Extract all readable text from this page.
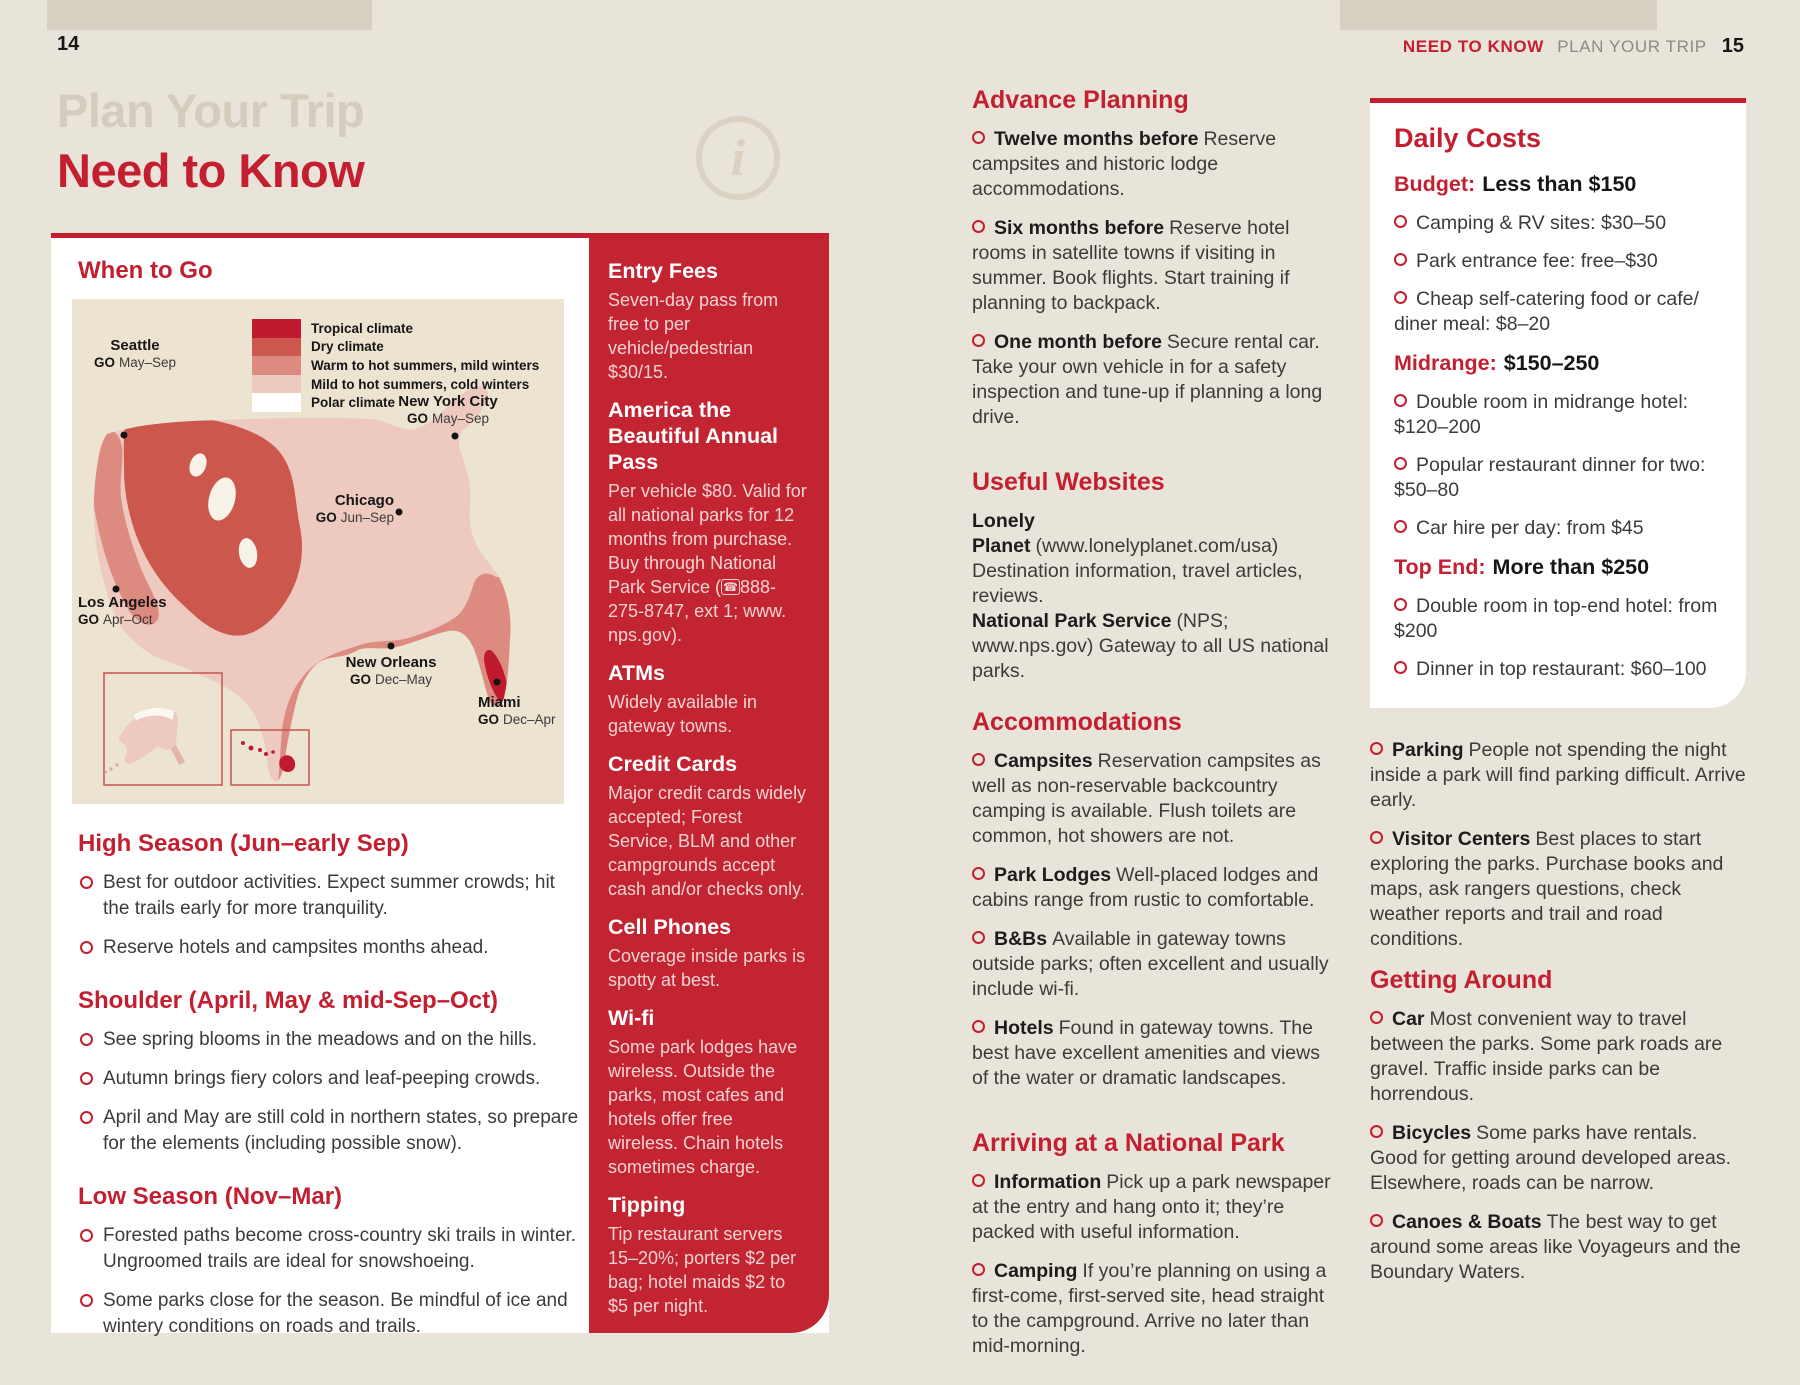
14	NEED TO KNOW PLAN YOUR TRIP 15
Plan Your Trip
Need to Know	i
When to Go
Tropical climate
Dry climate
Warm to hot summers, mild winters
Mild to hot summers, cold winters
Polar climate
Seattle
GO May–Sep
New York City
GO May–Sep
Chicago
GO Jun–Sep
Los Angeles
GO Apr–Oct
New Orleans
GO Dec–May
Miami
GO Dec–Apr
High Season (Jun–early Sep)

Best for outdoor activities. Expect summer crowds; hit the trails early for more tranquility.

Reserve hotels and campsites months ahead.

Shoulder (April, May & mid-Sep–Oct)

See spring blooms in the meadows and on the hills.

Autumn brings fiery colors and leaf-peeping crowds.

April and May are still cold in northern states, so prepare for the elements (including possible snow).

Low Season (Nov–Mar)

Forested paths become cross-country ski trails in winter. Ungroomed trails are ideal for snowshoeing.

Some parks close for the season. Be mindful of ice and wintery conditions on roads and trails.

Entry Fees

Seven-day pass from free to per vehicle/pedestrian $30/15.

America the Beautiful Annual Pass

Per vehicle $80. Valid for all national parks for 12 months from purchase. Buy through National Park Service ( ☎ 888-275-8747, ext 1; www. nps.gov).

ATMs

Widely available in gateway towns.

Credit Cards

Major credit cards widely accepted; Forest Service, BLM and other campgrounds accept cash and/or checks only.

Cell Phones

Coverage inside parks is spotty at best.

Wi-fi

Some park lodges have wireless. Outside the parks, most cafes and hotels offer free wireless. Chain hotels sometimes charge.

Tipping

Tip restaurant servers 15–20%; porters $2 per bag; hotel maids $2 to $5 per night.

Advance Planning

Twelve months before Reserve campsites and historic lodge accommodations.

Six months before Reserve hotel rooms in satellite towns if visiting in summer. Book flights. Start training if planning to backpack.

One month before Secure rental car. Take your own vehicle in for a safety inspection and tune-up if planning a long drive.

Useful Websites

Lonely Planet (www.lonelyplanet.com/usa) Destination information, travel articles, reviews.

National Park Service (NPS; www.nps.gov) Gateway to all US national parks.

Accommodations

Campsites Reservation campsites as well as non-reservable backcountry camping is available. Flush toilets are common, hot showers are not.

Park Lodges Well-placed lodges and cabins range from rustic to comfortable.

B&Bs Available in gateway towns outside parks; often excellent and usually include wi-fi.

Hotels Found in gateway towns. The best have excellent amenities and views of the water or dramatic landscapes.

Arriving at a National Park

Information Pick up a park newspaper at the entry and hang onto it; they’re packed with useful information.

Camping If you’re planning on using a first-come, first-served site, head straight to the campground. Arrive no later than mid-morning.

Daily Costs

Budget: Less than $150

Camping & RV sites: $30–50

Park entrance fee: free–$30

Cheap self-catering food or cafe/ diner meal: $8–20

Midrange: $150–250

Double room in midrange hotel: $120–200

Popular restaurant dinner for two: $50–80

Car hire per day: from $45

Top End: More than $250

Double room in top-end hotel: from $200

Dinner in top restaurant: $60–100

Parking People not spending the night inside a park will find parking difficult. Arrive early.

Visitor Centers Best places to start exploring the parks. Purchase books and maps, ask rangers questions, check weather reports and trail and road conditions.

Getting Around

Car Most convenient way to travel between the parks. Some park roads are gravel. Traffic inside parks can be horrendous.

Bicycles Some parks have rentals. Good for getting around developed areas. Elsewhere, roads can be narrow.

Canoes & Boats The best way to get around some areas like Voyageurs and the Boundary Waters.
